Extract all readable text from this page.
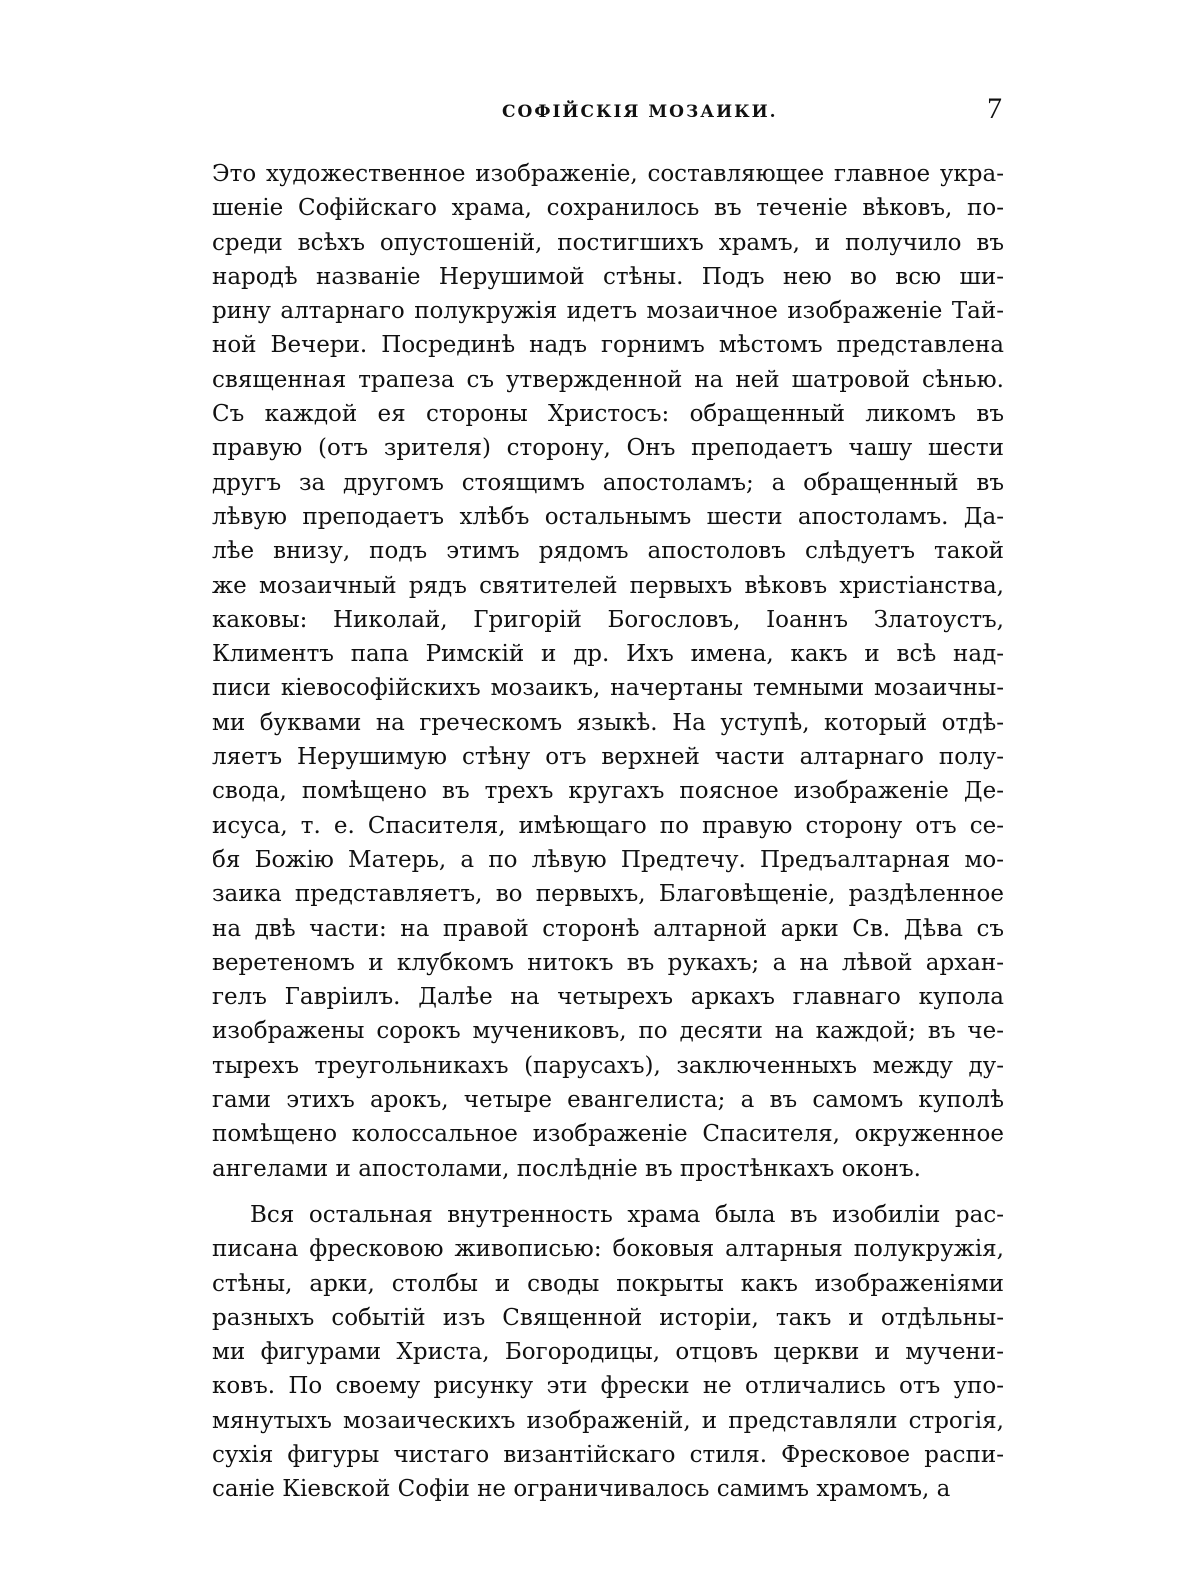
СОФІЙСКІЯ МОЗАИКИ.	7
Это художественное изображеніе, составляющее главное укра-
шеніе Софійскаго храма, сохранилось въ теченіе вѣковъ, по-
среди всѣхъ опустошеній, постигшихъ храмъ, и получило въ
народѣ названіе Нерушимой стѣны. Подъ нею во всю ши-
рину алтарнаго полукружія идетъ мозаичное изображеніе Тай-
ной Вечери. Посрединѣ надъ горнимъ мѣстомъ представлена
священная трапеза съ утвержденной на ней шатровой сѣнью.
Съ каждой ея стороны Христосъ: обращенный ликомъ въ
правую (отъ зрителя) сторону, Онъ преподаетъ чашу шести
другъ за другомъ стоящимъ апостоламъ; а обращенный въ
лѣвую преподаетъ хлѣбъ остальнымъ шести апостоламъ. Да-
лѣе внизу, подъ этимъ рядомъ апостоловъ слѣдуетъ такой
же мозаичный рядъ святителей первыхъ вѣковъ христіанства,
каковы: Николай, Григорій Богословъ, Іоаннъ Златоустъ,
Климентъ папа Римскій и др. Ихъ имена, какъ и всѣ над-
писи кіевософійскихъ мозаикъ, начертаны темными мозаичны-
ми буквами на греческомъ языкѣ. На уступѣ, который отдѣ-
ляетъ Нерушимую стѣну отъ верхней части алтарнаго полу-
свода, помѣщено въ трехъ кругахъ поясное изображеніе Де-
исуса, т. е. Спасителя, имѣющаго по правую сторону отъ се-
бя Божію Матерь, а по лѣвую Предтечу. Предъалтарная мо-
заика представляетъ, во первыхъ, Благовѣщеніе, раздѣленное
на двѣ части: на правой сторонѣ алтарной арки Св. Дѣва съ
веретеномъ и клубкомъ нитокъ въ рукахъ; а на лѣвой архан-
гелъ Гавріилъ. Далѣе на четырехъ аркахъ главнаго купола
изображены сорокъ мучениковъ, по десяти на каждой; въ че-
тырехъ треугольникахъ (парусахъ), заключенныхъ между ду-
гами этихъ арокъ, четыре евангелиста; а въ самомъ куполѣ
помѣщено колоссальное изображеніе Спасителя, окруженное
ангелами и апостолами, послѣдніе въ простѣнкахъ оконъ.
Вся остальная внутренность храма была въ изобиліи рас-
писана фресковою живописью: боковыя алтарныя полукружія,
стѣны, арки, столбы и своды покрыты какъ изображеніями
разныхъ событій изъ Священной исторіи, такъ и отдѣльны-
ми фигурами Христа, Богородицы, отцовъ церкви и мучени-
ковъ. По своему рисунку эти фрески не отличались отъ упо-
мянутыхъ мозаическихъ изображеній, и представляли строгія,
сухія фигуры чистаго византійскаго стиля. Фресковое распи-
саніе Кіевской Софіи не ограничивалось самимъ храмомъ, а
